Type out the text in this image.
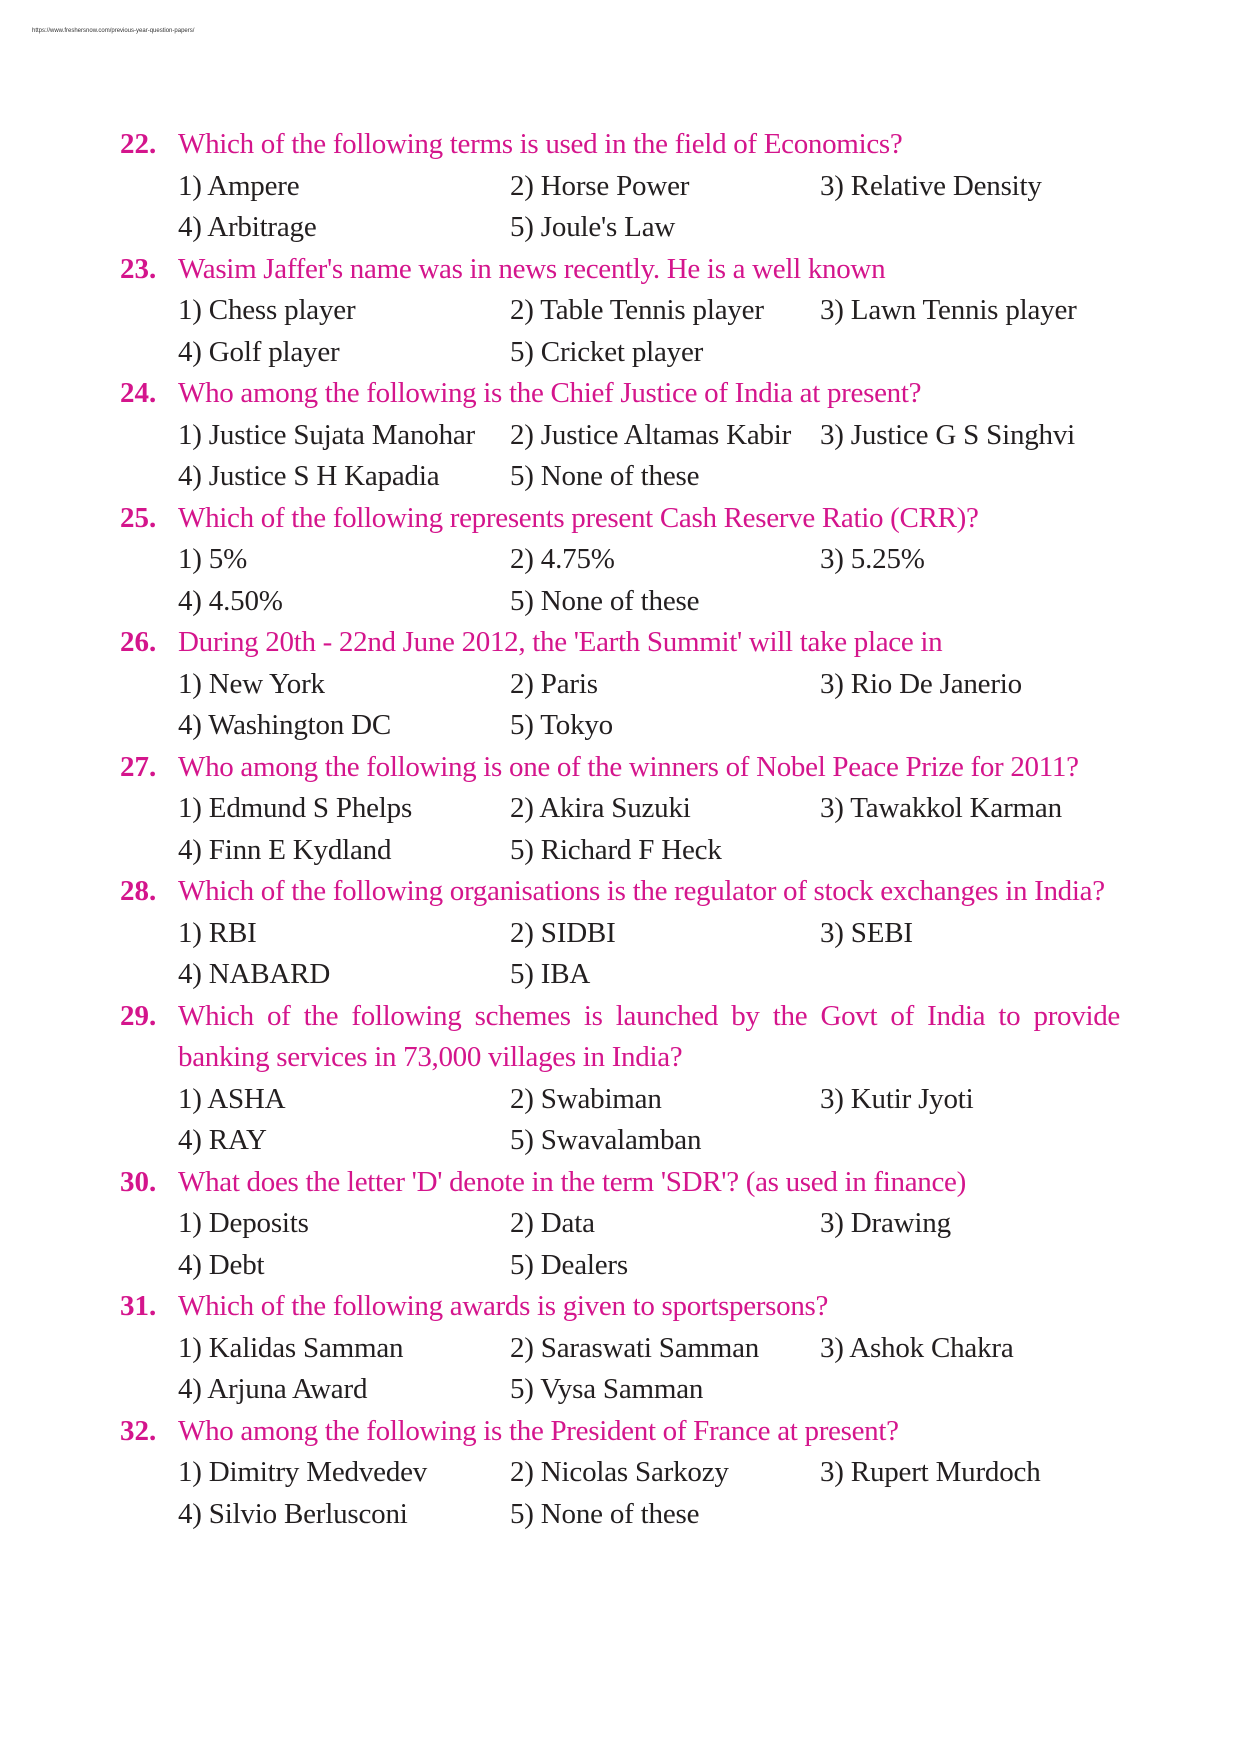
https://www.freshersnow.com/previous-year-question-papers/
22. Which of the following terms is used in the field of Economics?
1) Ampere	2) Horse Power	3) Relative Density
4) Arbitrage	5) Joule's Law
23. Wasim Jaffer's name was in news recently. He is a well known
1) Chess player	2) Table Tennis player	3) Lawn Tennis player
4) Golf player	5) Cricket player
24. Who among the following is the Chief Justice of India at present?
1) Justice Sujata Manohar	2) Justice Altamas Kabir 3) Justice G S Singhvi
4) Justice S H Kapadia	5) None of these
25. Which of the following represents present Cash Reserve Ratio (CRR)?
1) 5%	2) 4.75%	3) 5.25%
4) 4.50%	5) None of these
26. During 20th - 22nd June 2012, the 'Earth Summit' will take place in
1) New York	2) Paris	3) Rio De Janerio
4) Washington DC	5) Tokyo
27. Who among the following is one of the winners of Nobel Peace Prize for 2011?
1) Edmund S Phelps	2) Akira Suzuki	3) Tawakkol Karman
4) Finn E Kydland	5) Richard F Heck
28. Which of the following organisations is the regulator of stock exchanges in India?
1) RBI	2) SIDBI	3) SEBI
4) NABARD	5) IBA
29. Which of the following schemes is launched by the Govt of India to provide banking services in 73,000 villages in India?
1) ASHA	2) Swabiman	3) Kutir Jyoti
4) RAY	5) Swavalamban
30. What does the letter 'D' denote in the term 'SDR'? (as used in finance)
1) Deposits	2) Data	3) Drawing
4) Debt	5) Dealers
31. Which of the following awards is given to sportspersons?
1) Kalidas Samman	2) Saraswati Samman	3) Ashok Chakra
4) Arjuna Award	5) Vysa Samman
32. Who among the following is the President of France at present?
1) Dimitry Medvedev	2) Nicolas Sarkozy	3) Rupert Murdoch
4) Silvio Berlusconi	5) None of these
